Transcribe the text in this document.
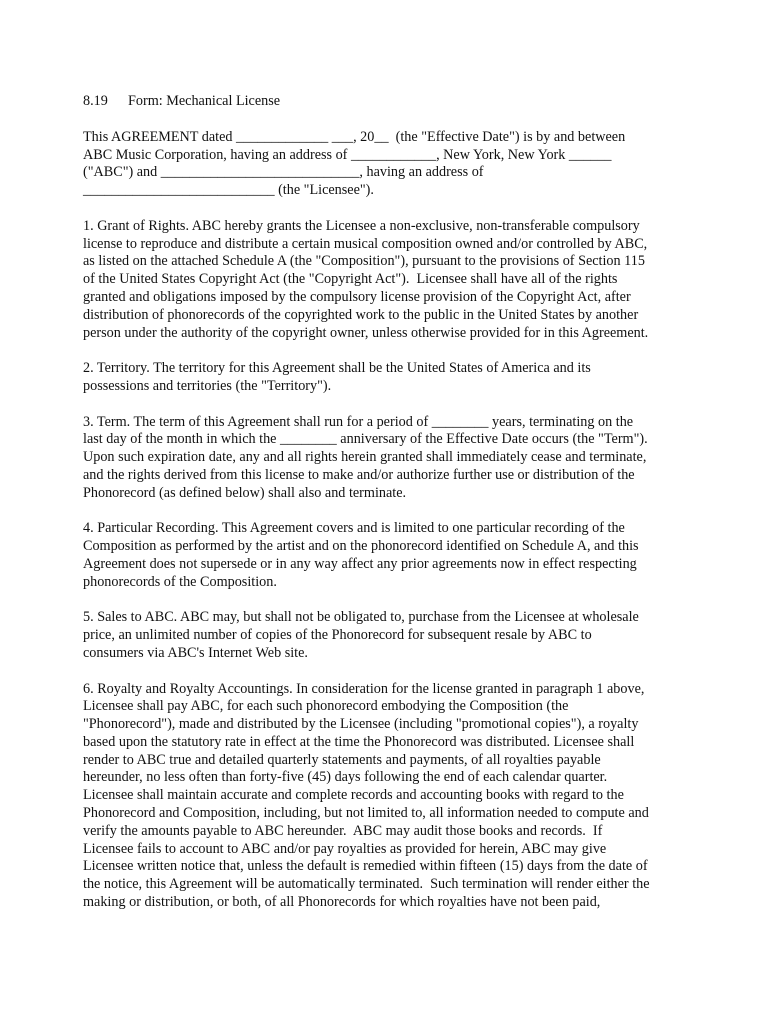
8.19 Form: Mechanical License
This AGREEMENT dated _____________ ___, 20__  (the "Effective Date") is by and between
ABC Music Corporation, having an address of ____________, New York, New York ______
("ABC") and ____________________________, having an address of
___________________________ (the "Licensee").
1. Grant of Rights. ABC hereby grants the Licensee a non-exclusive, non-transferable compulsory
license to reproduce and distribute a certain musical composition owned and/or controlled by ABC,
as listed on the attached Schedule A (the "Composition"), pursuant to the provisions of Section 115
of the United States Copyright Act (the "Copyright Act").  Licensee shall have all of the rights
granted and obligations imposed by the compulsory license provision of the Copyright Act, after
distribution of phonorecords of the copyrighted work to the public in the United States by another
person under the authority of the copyright owner, unless otherwise provided for in this Agreement.
2. Territory. The territory for this Agreement shall be the United States of America and its
possessions and territories (the "Territory").
3. Term. The term of this Agreement shall run for a period of ________ years, terminating on the
last day of the month in which the ________ anniversary of the Effective Date occurs (the "Term").
Upon such expiration date, any and all rights herein granted shall immediately cease and terminate,
and the rights derived from this license to make and/or authorize further use or distribution of the
Phonorecord (as defined below) shall also and terminate.
4. Particular Recording. This Agreement covers and is limited to one particular recording of the
Composition as performed by the artist and on the phonorecord identified on Schedule A, and this
Agreement does not supersede or in any way affect any prior agreements now in effect respecting
phonorecords of the Composition.
5. Sales to ABC. ABC may, but shall not be obligated to, purchase from the Licensee at wholesale
price, an unlimited number of copies of the Phonorecord for subsequent resale by ABC to
consumers via ABC's Internet Web site.
6. Royalty and Royalty Accountings. In consideration for the license granted in paragraph 1 above,
Licensee shall pay ABC, for each such phonorecord embodying the Composition (the
"Phonorecord"), made and distributed by the Licensee (including "promotional copies"), a royalty
based upon the statutory rate in effect at the time the Phonorecord was distributed. Licensee shall
render to ABC true and detailed quarterly statements and payments, of all royalties payable
hereunder, no less often than forty-five (45) days following the end of each calendar quarter.
Licensee shall maintain accurate and complete records and accounting books with regard to the
Phonorecord and Composition, including, but not limited to, all information needed to compute and
verify the amounts payable to ABC hereunder.  ABC may audit those books and records.  If
Licensee fails to account to ABC and/or pay royalties as provided for herein, ABC may give
Licensee written notice that, unless the default is remedied within fifteen (15) days from the date of
the notice, this Agreement will be automatically terminated.  Such termination will render either the
making or distribution, or both, of all Phonorecords for which royalties have not been paid,
